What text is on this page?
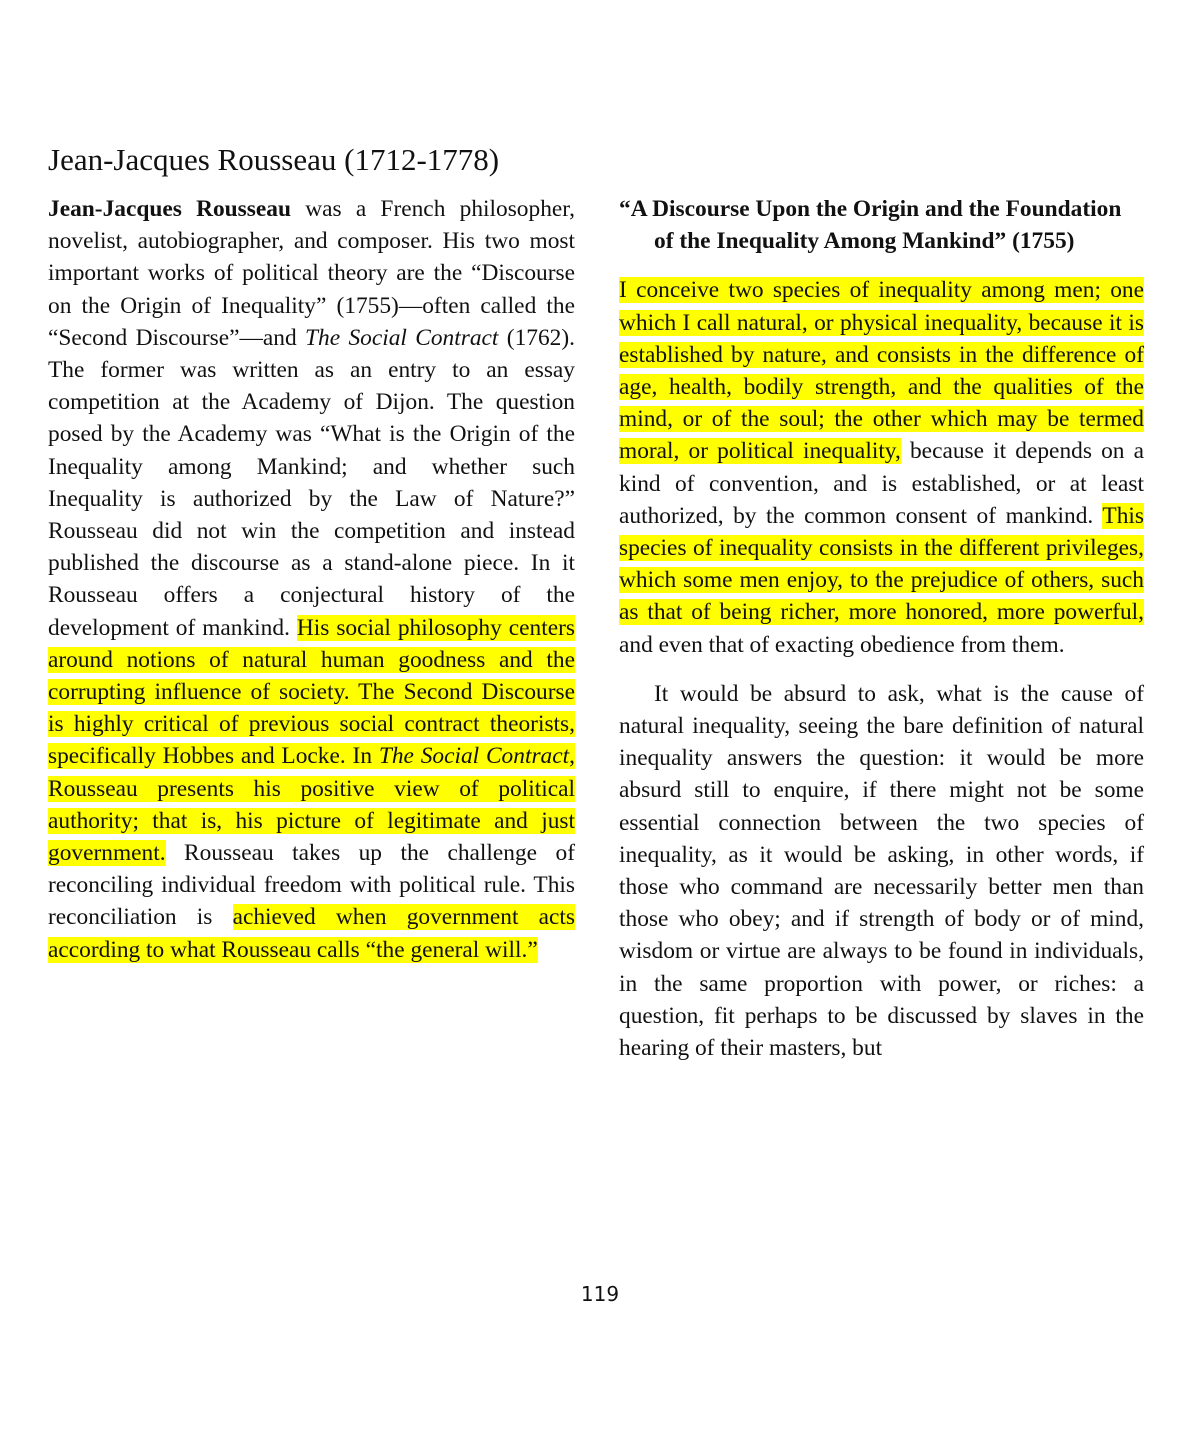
Jean-Jacques Rousseau (1712-1778)

Jean-Jacques Rousseau was a French philosopher, novelist, autobiographer, and composer. His two most important works of political theory are the “Discourse on the Origin of Inequality” (1755)—often called the “Second Discourse”—and The Social Contract (1762). The former was written as an entry to an essay competition at the Academy of Dijon. The question posed by the Academy was “What is the Origin of the Inequality among Mankind; and whether such Inequality is authorized by the Law of Nature?” Rousseau did not win the competition and instead published the discourse as a stand-alone piece. In it Rousseau offers a conjectural history of the development of mankind. His social philosophy centers around notions of natural human goodness and the corrupting influence of society. The Second Discourse is highly critical of previous social contract theorists, specifically Hobbes and Locke. In The Social Contract, Rousseau presents his positive view of political authority; that is, his picture of legitimate and just government. Rousseau takes up the challenge of reconciling individual freedom with political rule. This reconciliation is achieved when government acts according to what Rousseau calls “the general will.”

“A Discourse Upon the Origin and the Foundation of the Inequality Among Mankind” (1755)

I conceive two species of inequality among men; one which I call natural, or physical inequality, because it is established by nature, and consists in the difference of age, health, bodily strength, and the qualities of the mind, or of the soul; the other which may be termed moral, or political inequality, because it depends on a kind of convention, and is established, or at least authorized, by the common consent of mankind. This species of inequality consists in the different privileges, which some men enjoy, to the prejudice of others, such as that of being richer, more honored, more powerful, and even that of exacting obedience from them.

It would be absurd to ask, what is the cause of natural inequality, seeing the bare definition of natural inequality answers the question: it would be more absurd still to enquire, if there might not be some essential connection between the two species of inequality, as it would be asking, in other words, if those who command are necessarily better men than those who obey; and if strength of body or of mind, wisdom or virtue are always to be found in individuals, in the same proportion with power, or riches: a question, fit perhaps to be discussed by slaves in the hearing of their masters, but

119
